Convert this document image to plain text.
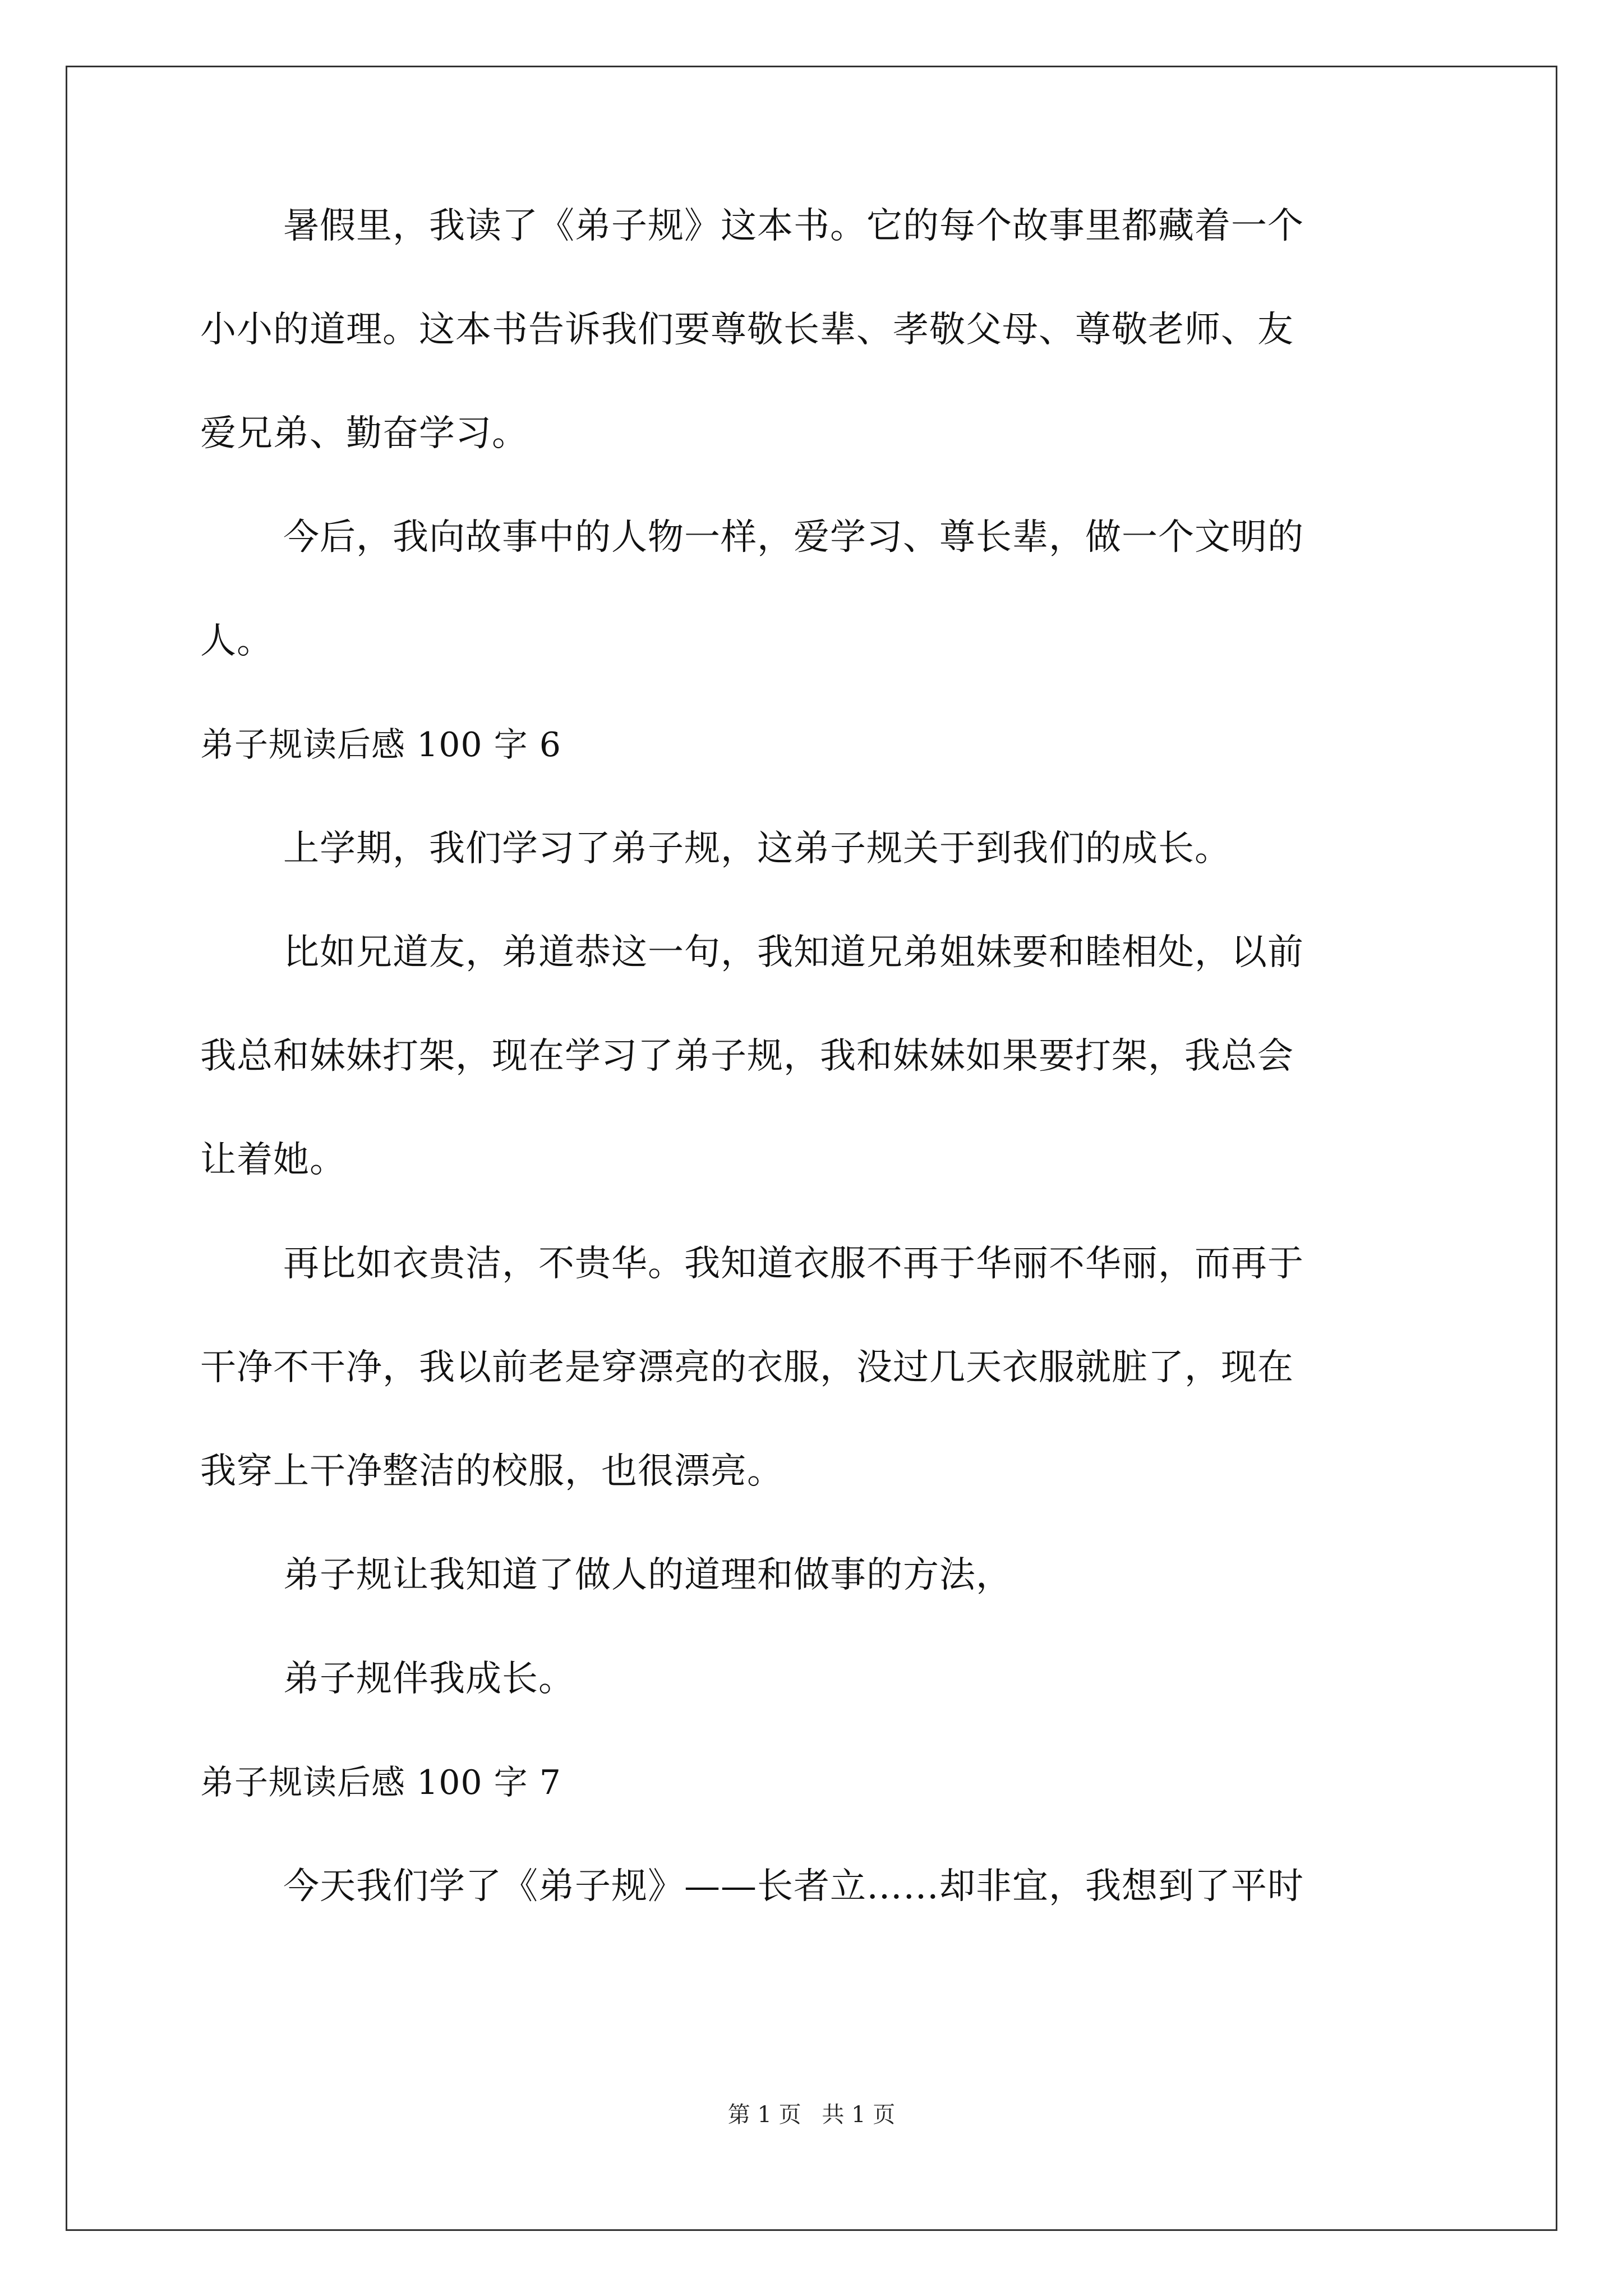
暑假里，我读了《弟子规》这本书。它的每个故事里都藏着一个
小小的道理。这本书告诉我们要尊敬长辈、孝敬父母、尊敬老师、友
爱兄弟、勤奋学习。
今后，我向故事中的人物一样，爱学习、尊长辈，做一个文明的
人。
弟子规读后感 100 字 6
上学期，我们学习了弟子规，这弟子规关于到我们的成长。
比如兄道友，弟道恭这一句，我知道兄弟姐妹要和睦相处，以前
我总和妹妹打架，现在学习了弟子规，我和妹妹如果要打架，我总会
让着她。
再比如衣贵洁，不贵华。我知道衣服不再于华丽不华丽，而再于
干净不干净，我以前老是穿漂亮的衣服，没过几天衣服就脏了，现在
我穿上干净整洁的校服，也很漂亮。
弟子规让我知道了做人的道理和做事的方法，
弟子规伴我成长。
弟子规读后感 100 字 7
今天我们学了《弟子规》——长者立……却非宜，我想到了平时
第 1 页 共 1 页
